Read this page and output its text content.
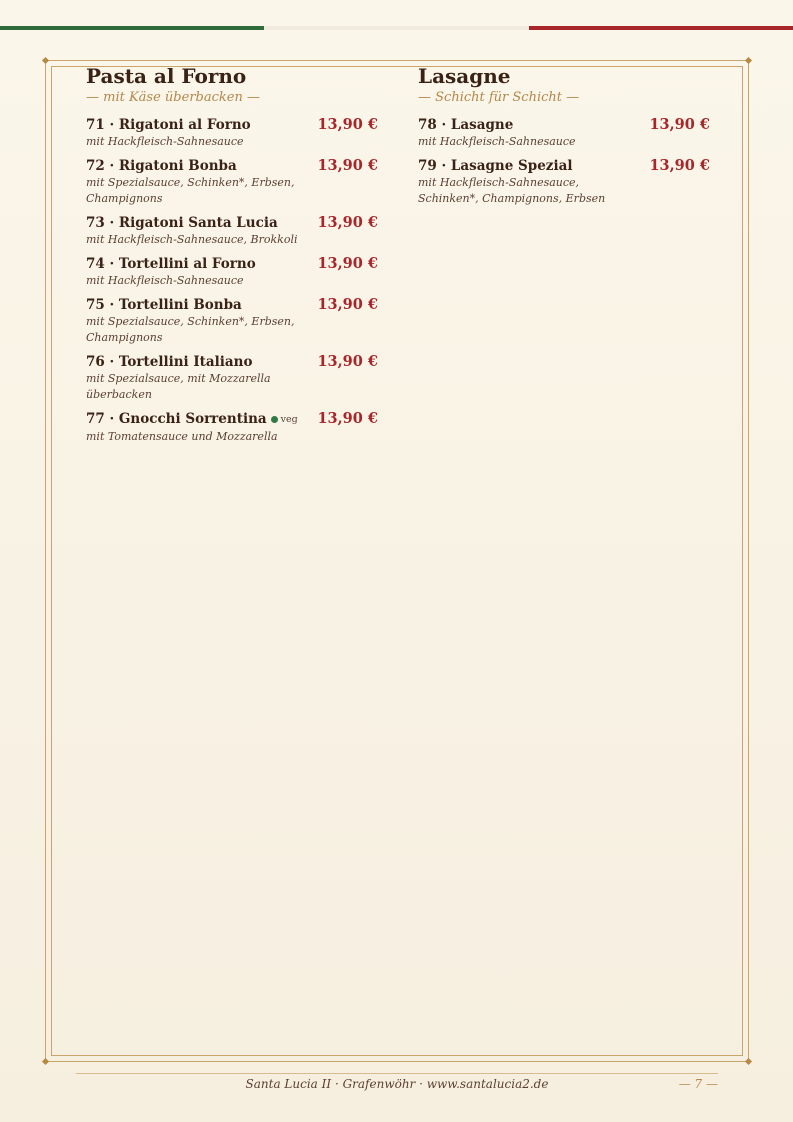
Pasta al Forno
— mit Käse überbacken —
71 · Rigatoni al Forno	13,90 €
mit Hackfleisch-Sahnesauce
72 · Rigatoni Bonba	13,90 €
mit Spezialsauce, Schinken*, Erbsen, Champignons
73 · Rigatoni Santa Lucia	13,90 €
mit Hackfleisch-Sahnesauce, Brokkoli
74 · Tortellini al Forno	13,90 €
mit Hackfleisch-Sahnesauce
75 · Tortellini Bonba	13,90 €
mit Spezialsauce, Schinken*, Erbsen, Champignons
76 · Tortellini Italiano	13,90 €
mit Spezialsauce, mit Mozzarella überbacken
77 · Gnocchi Sorrentina veg 13,90 €
mit Tomatensauce und Mozzarella
Lasagne
— Schicht für Schicht —
78 · Lasagne	13,90 €
mit Hackfleisch-Sahnesauce
79 · Lasagne Spezial	13,90 €
mit Hackfleisch-Sahnesauce, Schinken*, Champignons, Erbsen
Santa Lucia II · Grafenwöhr · www.santalucia2.de	— 7 —
